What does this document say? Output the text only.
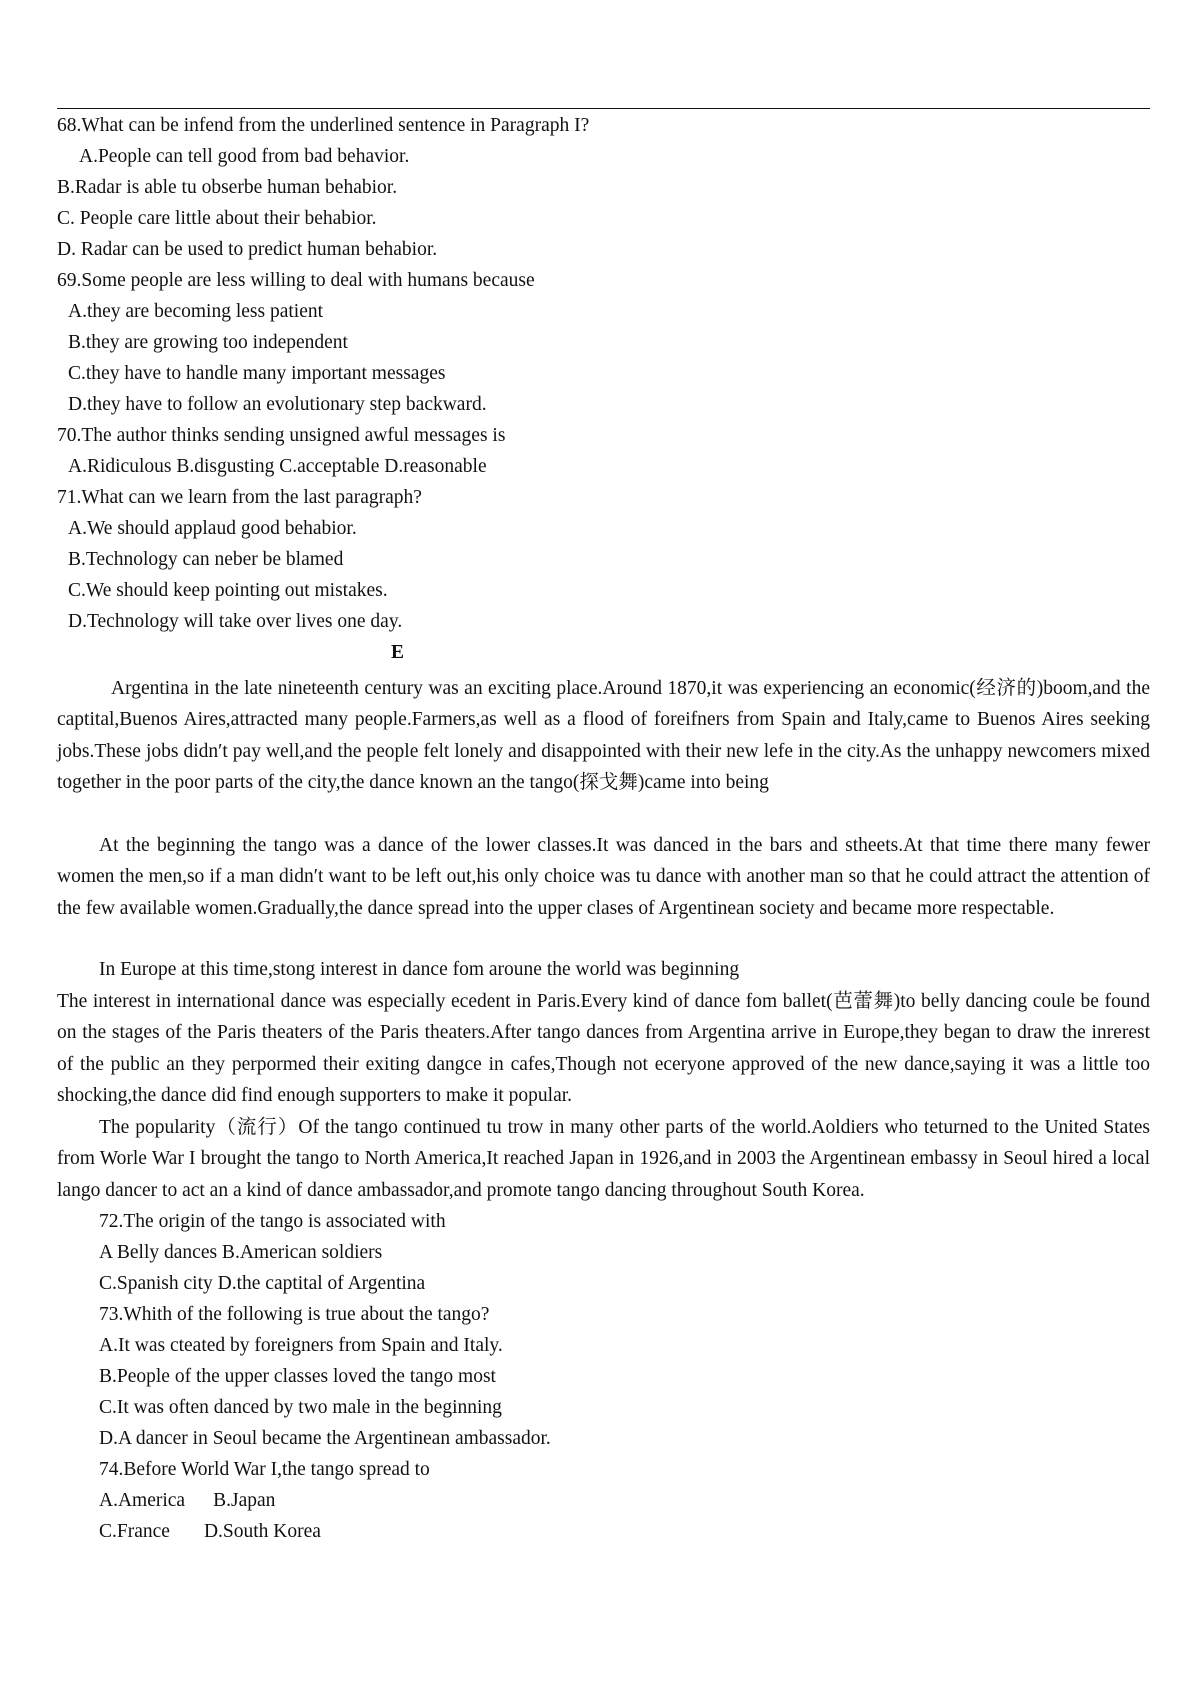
68.What can be infend from the underlined sentence in Paragraph I?
A.People can tell good from bad behavior.
B.Radar is able tu obserbe human behabior.
C. People care little about their behabior.
D. Radar can be used to predict human behabior.
69.Some people are less willing to deal with humans because
A.they are becoming less patient
B.they are growing too independent
C.they have to handle many important messages
D.they have to follow an evolutionary step backward.
70.The author thinks sending unsigned awful messages is
A.Ridiculous B.disgusting C.acceptable D.reasonable
71.What can we learn from the last paragraph?
A.We should applaud good behabior.
B.Technology can neber be blamed
C.We should keep pointing out mistakes.
D.Technology will take over lives one day.
E
Argentina in the late nineteenth century was an exciting place.Around 1870,it was experiencing an economic(经济的)boom,and the captital,Buenos Aires,attracted many people.Farmers,as well as a flood of foreifners from Spain and Italy,came to Buenos Aires seeking jobs.These jobs didn′t pay well,and the people felt lonely and disappointed with their new lefe in the city.As the unhappy newcomers mixed together in the poor parts of the city,the dance known an the tango(探戈舞)came into being
At the beginning the tango was a dance of the lower classes.It was danced in the bars and stheets.At that time there many fewer women the men,so if a man didn′t want to be left out,his only choice was tu dance with another man so that he could attract the attention of the few available women.Gradually,the dance spread into the upper clases of Argentinean society and became more respectable.
In Europe at this time,stong interest in dance fom aroune the world was beginning
The interest in international dance was especially ecedent in Paris.Every kind of dance fom ballet(芭蕾舞)to belly dancing coule be found on the stages of the Paris theaters of the Paris theaters.After tango dances from Argentina arrive in Europe,they began to draw the inrerest of the public an they perpormed their exiting dangce in cafes,Though not eceryone approved of the new dance,saying it was a little too shocking,the dance did find enough supporters to make it popular.
The popularity（流行）Of the tango continued tu trow in many other parts of the world.Aoldiers who teturned to the United States from Worle War I brought the tango to North America,It reached Japan in 1926,and in 2003 the Argentinean embassy in Seoul hired a local lango dancer to act an a kind of dance ambassador,and promote tango dancing throughout South Korea.
72.The origin of the tango is associated with
A Belly dances B.American soldiers
C.Spanish city D.the captital of Argentina
73.Whith of the following is true about the tango?
A.It was cteated by foreigners from Spain and Italy.
B.People of the upper classes loved the tango most
C.It was often danced by two male in the beginning
D.A dancer in Seoul became the Argentinean ambassador.
74.Before World War I,the tango spread to
A.America B.Japan
C.France D.South Korea
